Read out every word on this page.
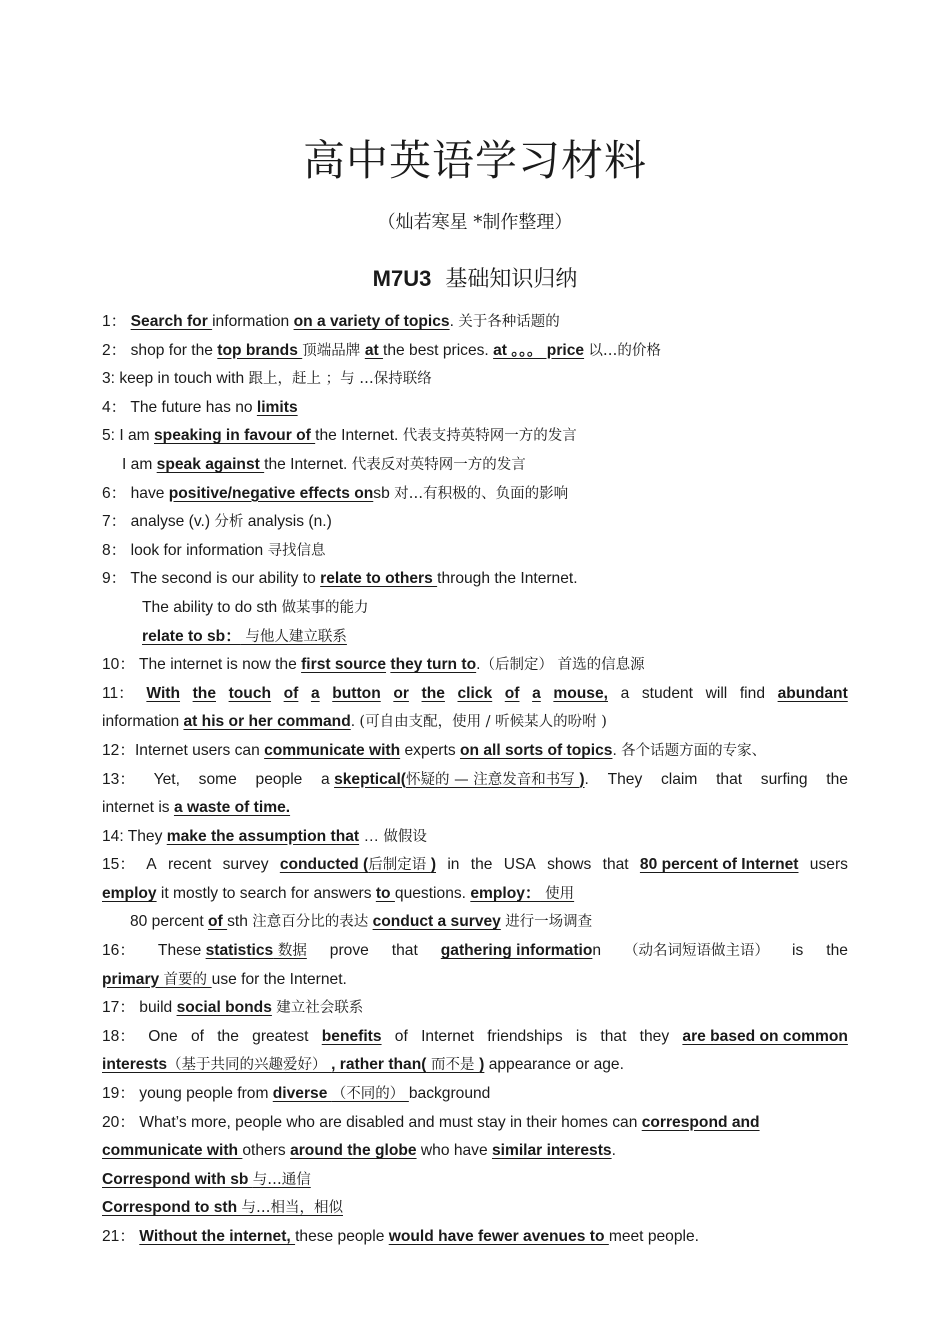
高中英语学习材料
（灿若寒星 *制作整理）
M7U3 基础知识归纳
1： Search for information on a variety of topics. 关于各种话题的
2： shop for the top brands 顶端品牌 at the best prices. at 。。。 price 以…的价格
3: keep in touch with 跟上，赶上 ；与 …保持联络
4： The future has no limits
5: I am speaking in favour of the Internet. 代表支持英特网一方的发言
I am speak against the Internet. 代表反对英特网一方的发言
6： have positive/negative effects onsb 对…有积极的、负面的影响
7： analyse (v.) 分析 analysis (n.)
8： look for information 寻找信息
9： The second is our ability to relate to others through the Internet.
The ability to do sth 做某事的能力
relate to sb： 与他人建立联系
10： The internet is now the first source they turn to.（后制定） 首选的信息源
11： With the touch of a button or the click of a mouse, a student will find abundant
information at his or her command. (可自由支配，使用 / 听候某人的吩咐 )
12：Internet users can communicate with experts on all sorts of topics. 各个话题方面的专家、
13： Yet, some people a skeptical(怀疑的 — 注意发音和书写 ). They claim that surfing the
internet is a waste of time.
14: They make the assumption that … 做假设
15： A recent survey conducted (后制定语 ) in the USA shows that 80 percent of Internet users
employ it mostly to search for answers to questions. employ： 使用
80 percent of sth 注意百分比的表达 conduct a survey 进行一场调查
16： These statistics 数据 prove that gathering information （动名词短语做主语） is the
primary 首要的 use for the Internet.
17： build social bonds 建立社会联系
18： One of the greatest benefits of Internet friendships is that they are based on common
interests（基于共同的兴趣爱好） , rather than( 而不是 ) appearance or age.
19： young people from diverse （不同的） background
20： What’s more, people who are disabled and must stay in their homes can correspond and
communicate with others around the globe who have similar interests.
Correspond with sb 与…通信
Correspond to sth 与…相当，相似
21： Without the internet, these people would have fewer avenues to meet people.
